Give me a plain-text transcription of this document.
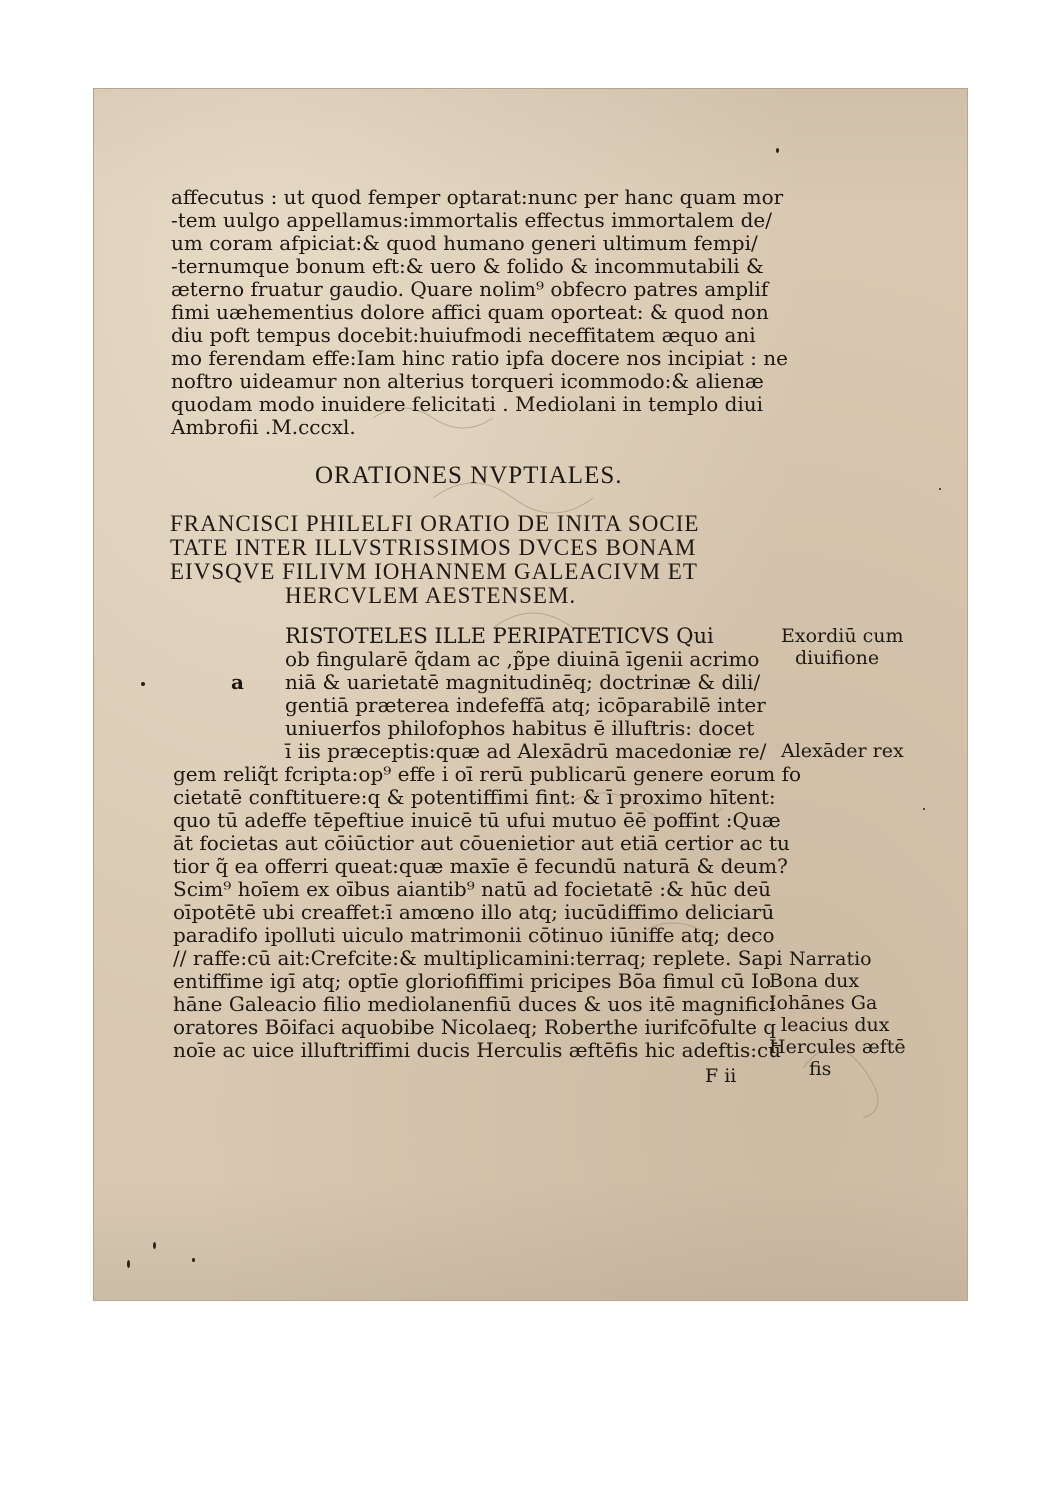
affecutus : ut quod femper optarat:nunc per hanc quam mor
-tem uulgo appellamus:immortalis effectus immortalem de/
um coram afpiciat:& quod humano generi ultimum fempi/
-ternumque bonum eft:& uero & folido & incommutabili &
æterno fruatur gaudio. Quare nolim⁹ obfecro patres amplif
fimi uæhementius dolore affici quam oporteat: & quod non
diu poft tempus docebit:huiufmodi neceffitatem æquo ani
mo ferendam effe:Iam hinc ratio ipfa docere nos incipiat : ne
noftro uideamur non alterius torqueri icommodo:& alienæ
quodam modo inuidere felicitati . Mediolani in templo diui
Ambrofii .M.cccxl.
ORATIONES NVPTIALES.
FRANCISCI PHILELFI ORATIO DE INITA SOCIE
TATE INTER ILLVSTRISSIMOS DVCES BONAM
EIVSQVE FILIVM IOHANNEM GALEACIVM ET
HERCVLEM AESTENSEM.
a
RISTOTELES ILLE PERIPATETICVS Qui
ob fingularē q̃dam ac ,p̃pe diuinā īgenii acrimo
niā & uarietatē magnitudinēq; doctrinæ & dili/
gentiā præterea indefeffā atq; icōparabilē inter
uniuerfos philofophos habitus ē illuftris: docet
ī iis præceptis:quæ ad Alexādrū macedoniæ re/
gem reliq̃t fcripta:op⁹ effe i oī rerū publicarū genere eorum fo
cietatē conftituere:q & potentiffimi fint: & ī proximo hītent:
quo tū adeffe tēpeftiue inuicē tū ufui mutuo ēē poffint :Quæ
āt focietas aut cōiūctior aut cōuenietior aut etiā certior ac tu
tior q̃ ea offerri queat:quæ maxīe ē fecundū naturā & deum?
Scim⁹ hoīem ex oībus aiantib⁹ natū ad focietatē :& hūc deū
oīpotētē ubi creaffet:ī amœno illo atq; iucūdiffimo deliciarū
paradifo ipolluti uiculo matrimonii cōtinuo iūniffe atq; deco
// raffe:cū ait:Crefcite:& multiplicamini:terraq; replete. Sapi
entiffime igī atq; optīe gloriofiffimi pricipes Bōa fimul cū Io
hāne Galeacio filio mediolanenfiū duces & uos itē magnifici
oratores Bōifaci aquobibe Nicolaeq; Roberthe iurifcōfulte q
noīe ac uice illuftriffimi ducis Herculis æftēfis hic adeftis:cū
F ii
Exordiū cum
diuifione
Alexāder rex
Narratio
Bona dux
Iohānes Ga
leacius dux
Hercules æftē
fis
